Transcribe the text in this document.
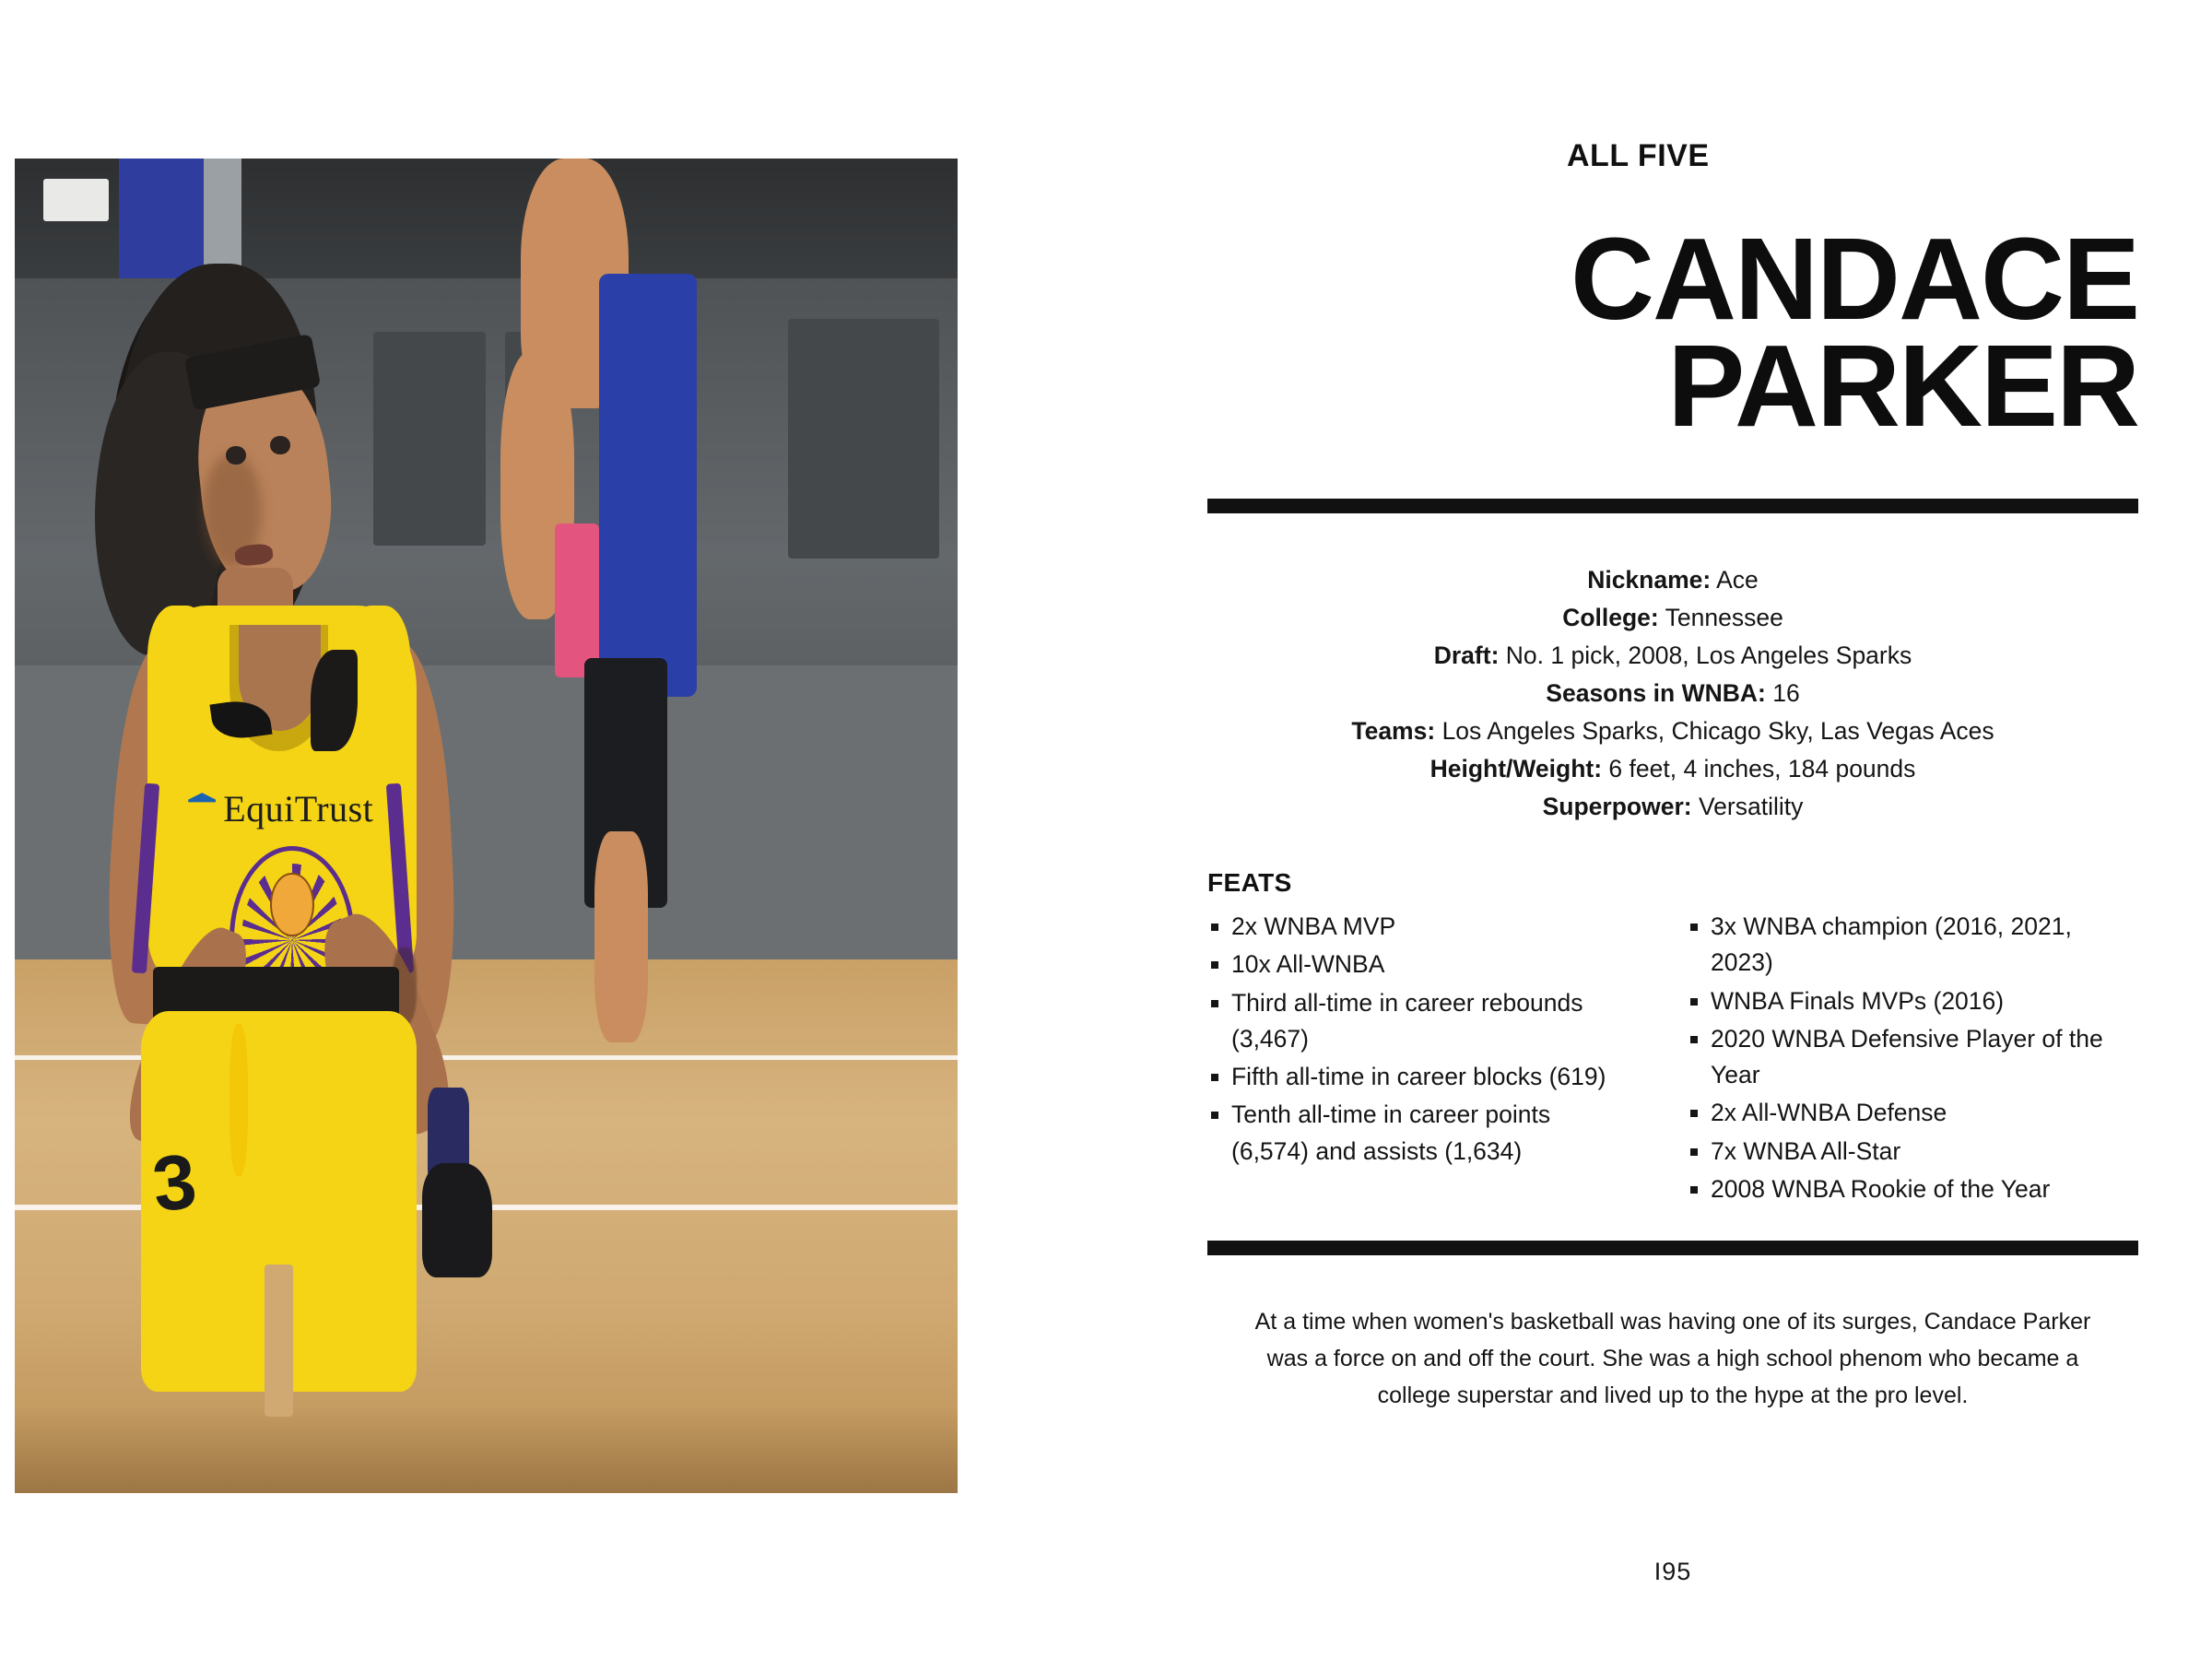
EquiTrust
3
ALL FIVE
CANDACE
PARKER
Nickname: Ace
College: Tennessee
Draft: No. 1 pick, 2008, Los Angeles Sparks
Seasons in WNBA: 16
Teams: Los Angeles Sparks, Chicago Sky, Las Vegas Aces
Height/Weight: 6 feet, 4 inches, 184 pounds
Superpower: Versatility
FEATS
2x WNBA MVP
10x All-WNBA
Third all-time in career rebounds (3,467)
Fifth all-time in career blocks (619)
Tenth all-time in career points (6,574) and assists (1,634)
3x WNBA champion (2016, 2021, 2023)
WNBA Finals MVPs (2016)
2020 WNBA Defensive Player of the Year
2x All-WNBA Defense
7x WNBA All-Star
2008 WNBA Rookie of the Year
At a time when women's basketball was having one of its surges, Candace Parker was a force on and off the court. She was a high school phenom who became a college superstar and lived up to the hype at the pro level.
I95
